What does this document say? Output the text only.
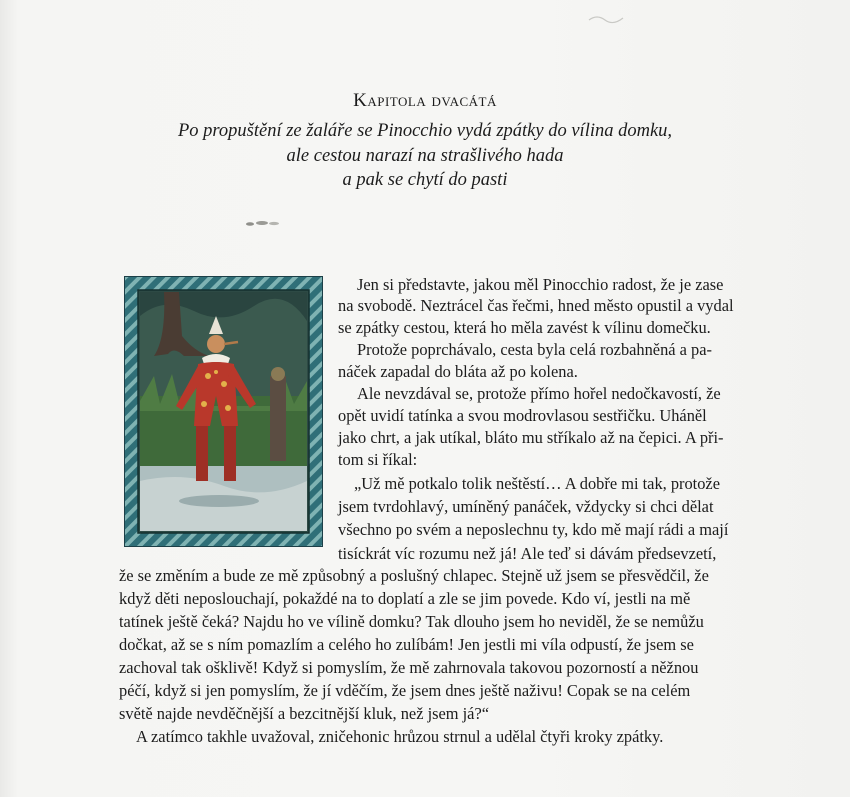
Kapitola dvacátá
Po propuštění ze žaláře se Pinocchio vydá zpátky do vílina domku,
ale cestou narazí na strašlivého hada
a pak se chytí do pasti
Jen si představte, jakou měl Pinocchio radost, že je zase
na svobodě. Neztrácel čas řečmi, hned město opustil a vydal
se zpátky cestou, která ho měla zavést k vílinu domečku.
Protože poprchávalo, cesta byla celá rozbahněná a pa-
náček zapadal do bláta až po kolena.
Ale nevzdával se, protože přímo hořel nedočkavostí, že
opět uvidí tatínka a svou modrovlasou sestřičku. Uháněl
jako chrt, a jak utíkal, bláto mu stříkalo až na čepici. A při-
tom si říkal:
„Už mě potkalo tolik neštěstí… A dobře mi tak, protože
jsem tvrdohlavý, umíněný panáček, vždycky si chci dělat
všechno po svém a neposlechnu ty, kdo mě mají rádi a mají
tisíckrát víc rozumu než já! Ale teď si dávám předsevzetí,
že se změním a bude ze mě způsobný a poslušný chlapec. Stejně už jsem se přesvědčil, že
když děti neposlouchají, pokaždé na to doplatí a zle se jim povede. Kdo ví, jestli na mě
tatínek ještě čeká? Najdu ho ve vílině domku? Tak dlouho jsem ho neviděl, že se nemůžu
dočkat, až se s ním pomazlím a celého ho zulíbám! Jen jestli mi víla odpustí, že jsem se
zachoval tak ošklivě! Když si pomyslím, že mě zahrnovala takovou pozorností a něžnou
péčí, když si jen pomyslím, že jí vděčím, že jsem dnes ještě naživu! Copak se na celém
světě najde nevděčnější a bezcitnější kluk, než jsem já?“
A zatímco takhle uvažoval, zničehonic hrůzou strnul a udělal čtyři kroky zpátky.
